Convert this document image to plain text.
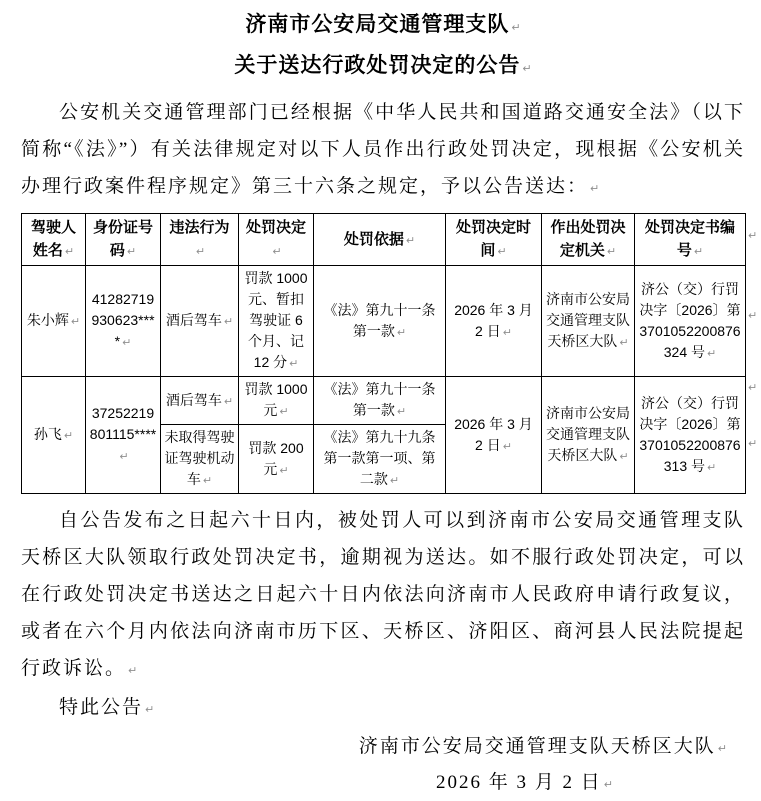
济南市公安局交通管理支队 ↵
关于送达行政处罚决定的公告 ↵
公安机关交通管理部门已经根据《中华人民共和国道路交通安全法》（以下简称“《法》”）有关法律规定对以下人员作出行政处罚决定，现根据《公安机关办理行政案件程序规定》第三十六条之规定，予以公告送达： ↵
驾驶人姓名 ↵	身份证号码 ↵	违法行为 ↵	处罚决定 ↵	处罚依据 ↵	处罚决定时间 ↵	作出处罚决定机关 ↵	处罚决定书编号 ↵
朱小辉 ↵	41282719930623**** ↵	酒后驾车 ↵	罚款 1000 元、暂扣驾驶证 6 个月、记 12 分 ↵	《法》第九十一条第一款 ↵	2026 年 3 月 2 日 ↵	济南市公安局交通管理支队天桥区大队 ↵	济公（交）行罚决字〔2026〕第 3701052200876324 号 ↵
孙飞 ↵	37252219801115**** ↵	酒后驾车 ↵	罚款 1000 元 ↵	《法》第九十一条第一款 ↵	2026 年 3 月 2 日 ↵	济南市公安局交通管理支队天桥区大队 ↵	济公（交）行罚决字〔2026〕第 3701052200876313 号 ↵
		未取得驾驶证驾驶机动车 ↵	罚款 200 元 ↵	《法》第九十九条第一款第一项、第二款 ↵
↵
↵
↵
↵
自公告发布之日起六十日内，被处罚人可以到济南市公安局交通管理支队天桥区大队领取行政处罚决定书，逾期视为送达。如不服行政处罚决定，可以在行政处罚决定书送达之日起六十日内依法向济南市人民政府申请行政复议，或者在六个月内依法向济南市历下区、天桥区、济阳区、商河县人民法院提起行政诉讼。 ↵
特此公告 ↵
济南市公安局交通管理支队天桥区大队 ↵
2026 年 3 月 2 日 ↵
